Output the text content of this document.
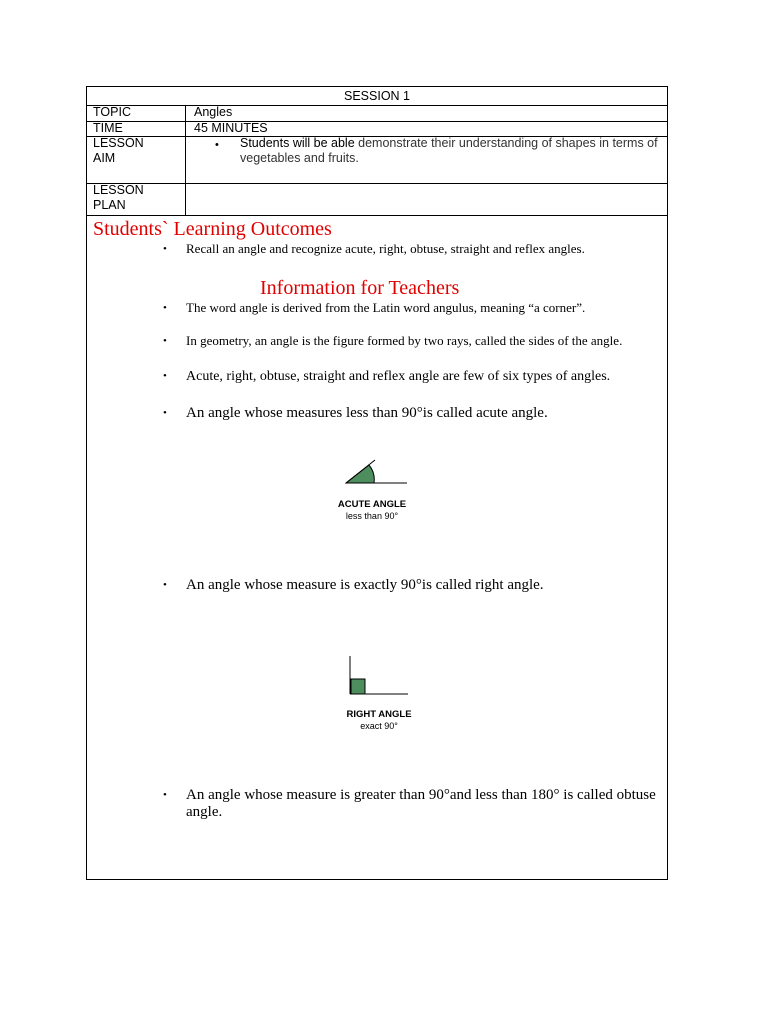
SESSION 1
TOPIC	Angles
TIME	45 MINUTES
LESSON
AIM
• Students will be able demonstrate their understanding of shapes in terms of vegetables and fruits.
LESSON
PLAN
Students` Learning Outcomes
• Recall an angle and recognize acute, right, obtuse, straight and reflex angles.
Information for Teachers
• The word angle is derived from the Latin word angulus, meaning “a corner”.
• In geometry, an angle is the figure formed by two rays, called the sides of the angle.
• Acute, right, obtuse, straight and reflex angle are few of six types of angles.
• An angle whose measures less than 90°is called acute angle.
ACUTE ANGLE
less than 90°
• An angle whose measure is exactly 90°is called right angle.
RIGHT ANGLE
exact 90°
• An angle whose measure is greater than 90°and less than 180° is called obtuse angle.
